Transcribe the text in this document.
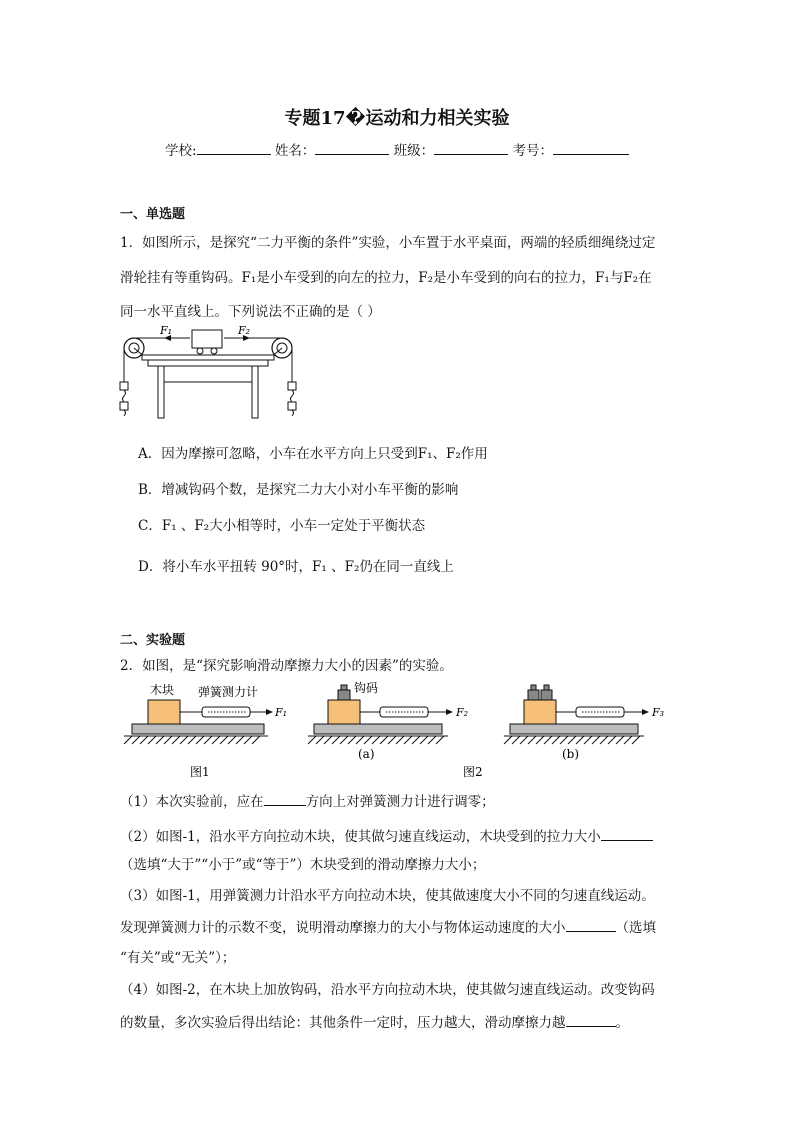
专题17�运动和力相关实验
学校:	姓名：	班级：	考号：
一、单选题
1．如图所示，是探究“二力平衡的条件”实验，小车置于水平桌面，两端的轻质细绳绕过定
滑轮挂有等重钩码。F₁是小车受到的向左的拉力，F₂是小车受到的向右的拉力，F₁与F₂在
同一水平直线上。下列说法不正确的是（ ）
F₁	F₂
A．因为摩擦可忽略，小车在水平方向上只受到F₁、F₂作用
B．增减钩码个数，是探究二力大小对小车平衡的影响
C．F₁ 、F₂大小相等时，小车一定处于平衡状态
D．将小车水平扭转 90°时，F₁ 、F₂仍在同一直线上
二、实验题
2．如图，是“探究影响滑动摩擦力大小的因素”的实验。
木块 弹簧测力计
F₁
图1
钩码
F₂
(a)
F₃
(b)
图2
（1）本次实验前，应在	方向上对弹簧测力计进行调零；
（2）如图-1，沿水平方向拉动木块，使其做匀速直线运动，木块受到的拉力大小
（选填“大于”“小于”或“等于”）木块受到的滑动摩擦力大小；
（3）如图-1，用弹簧测力计沿水平方向拉动木块，使其做速度大小不同的匀速直线运动。
发现弹簧测力计的示数不变，说明滑动摩擦力的大小与物体运动速度的大小	（选填
“有关”或“无关”）；
（4）如图-2，在木块上加放钩码，沿水平方向拉动木块，使其做匀速直线运动。改变钩码
的数量，多次实验后得出结论：其他条件一定时，压力越大，滑动摩擦力越	。
